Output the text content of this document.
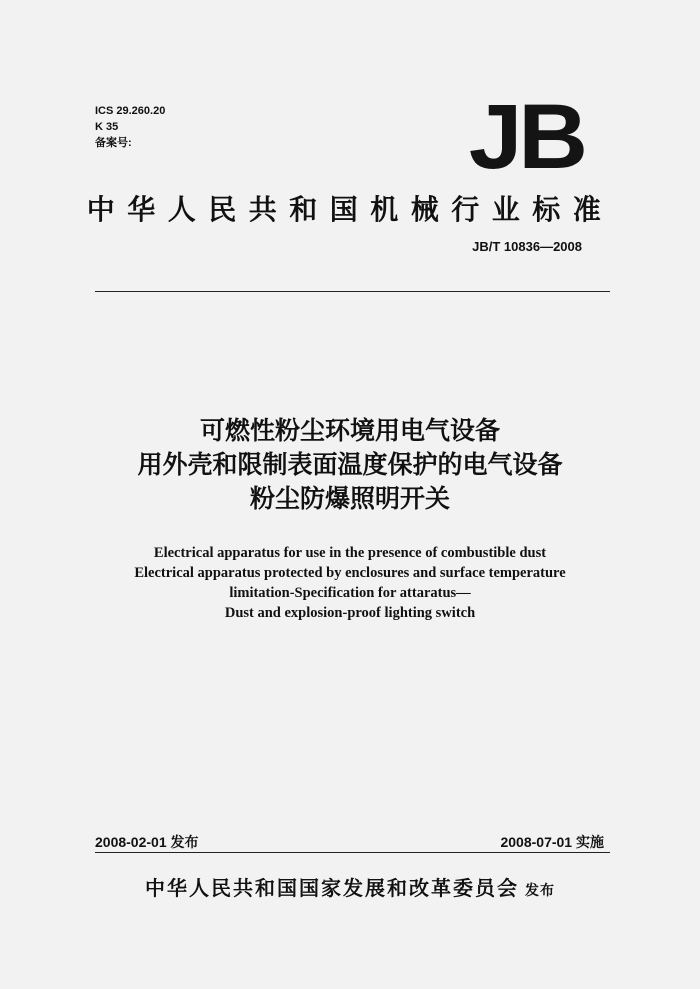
ICS 29.260.20
K 35
备案号:	JB
中华人民共和国机械行业标准
JB/T 10836—2008
可燃性粉尘环境用电气设备
用外壳和限制表面温度保护的电气设备
粉尘防爆照明开关
Electrical apparatus for use in the presence of combustible dust
Electrical apparatus protected by enclosures and surface temperature
limitation-Specification for attaratus—
Dust and explosion-proof lighting switch
2008-02-01 发布	2008-07-01 实施
中华人民共和国国家发展和改革委员会 发布
